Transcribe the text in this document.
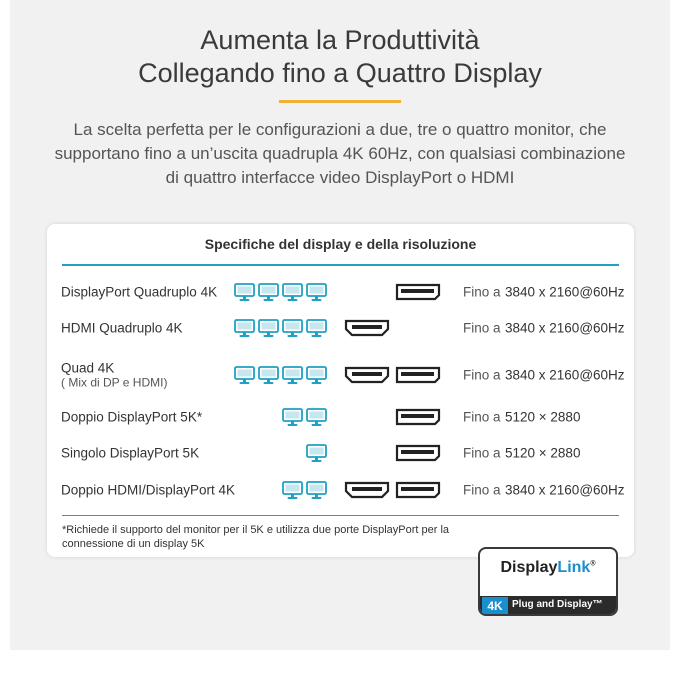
Aumenta la Produttività
Collegando fino a Quattro Display
La scelta perfetta per le configurazioni a due, tre o quattro monitor, che
supportano fino a un’uscita quadrupla 4K 60Hz, con qualsiasi combinazione
di quattro interfacce video DisplayPort o HDMI
Specifiche del display e della risoluzione
DisplayPort Quadruplo 4K	Fino a 3840 x 2160@60Hz
HDMI Quadruplo 4K	Fino a 3840 x 2160@60Hz
Quad 4K
( Mix di DP e HDMI)	Fino a 3840 x 2160@60Hz
Doppio DisplayPort 5K*	Fino a 5120 × 2880
Singolo DisplayPort 5K	Fino a 5120 × 2880
Doppio HDMI/DisplayPort 4K	Fino a 3840 x 2160@60Hz
*Richiede il supporto del monitor per il 5K e utilizza due porte DisplayPort per la
connessione di un display 5K
DisplayLink®
4K Plug and Display™
